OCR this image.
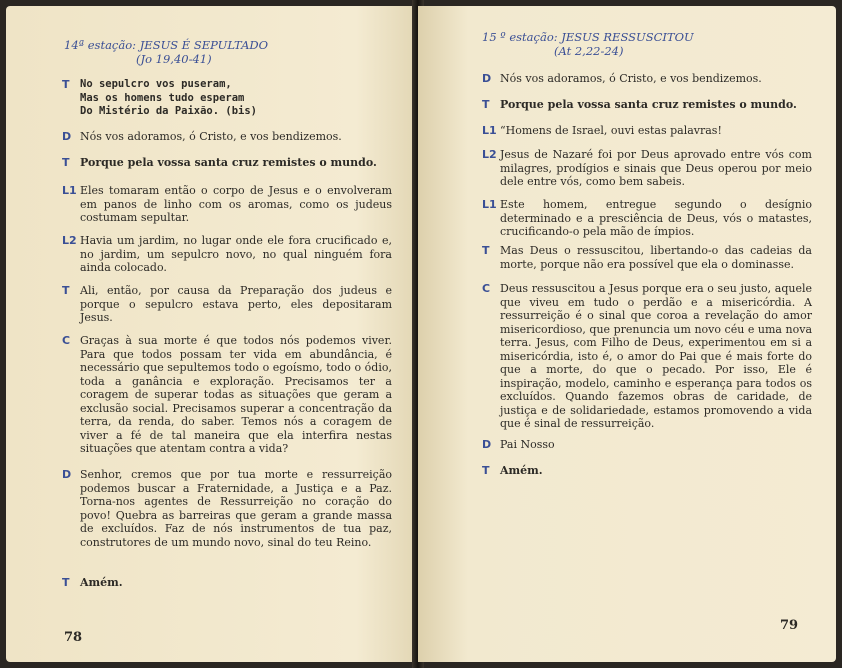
14ª estação: JESUS É SEPULTADO
(Jo 19,40-41)
T No sepulcro vos puseram,
Mas os homens tudo esperam
Do Mistério da Paixão. (bis)
D Nós vos adoramos, ó Cristo, e vos bendizemos.
T Porque pela vossa santa cruz remistes o mundo.
L1 Eles tomaram então o corpo de Jesus e o envolveram em panos de linho com os aromas, como os judeus costumam sepultar.
L2 Havia um jardim, no lugar onde ele fora crucificado e, no jardim, um sepulcro novo, no qual ninguém fora ainda colocado.
T Ali, então, por causa da Preparação dos judeus e porque o sepulcro estava perto, eles depositaram Jesus.
C Graças à sua morte é que todos nós podemos viver. Para que todos possam ter vida em abundância, é necessário que sepultemos todo o egoísmo, todo o ódio, toda a ganância e exploração. Precisamos ter a coragem de superar todas as situações que geram a exclusão social. Precisamos superar a concentração da terra, da renda, do saber. Temos nós a coragem de viver a fé de tal maneira que ela interfira nestas situações que atentam contra a vida?
D Senhor, cremos que por tua morte e ressurreição podemos buscar a Fraternidade, a Justiça e a Paz. Torna-nos agentes de Ressurreição no coração do povo! Quebra as barreiras que geram a grande massa de excluídos. Faz de nós instrumentos de tua paz, construtores de um mundo novo, sinal do teu Reino.
T Amém.
78
15 º estação: JESUS RESSUSCITOU
(At 2,22-24)
D Nós vos adoramos, ó Cristo, e vos bendizemos.
T Porque pela vossa santa cruz remistes o mundo.
L1 “Homens de Israel, ouvi estas palavras!
L2 Jesus de Nazaré foi por Deus aprovado entre vós com milagres, prodígios e sinais que Deus operou por meio dele entre vós, como bem sabeis.
L1 Este homem, entregue segundo o desígnio determinado e a presciência de Deus, vós o matastes, crucificando-o pela mão de ímpios.
T Mas Deus o ressuscitou, libertando-o das cadeias da morte, porque não era possível que ela o dominasse.
C Deus ressuscitou a Jesus porque era o seu justo, aquele que viveu em tudo o perdão e a misericórdia. A ressurreição é o sinal que coroa a revelação do amor misericordioso, que prenuncia um novo céu e uma nova terra. Jesus, com Filho de Deus, experimentou em si a misericórdia, isto é, o amor do Pai que é mais forte do que a morte, do que o pecado. Por isso, Ele é inspiração, modelo, caminho e esperança para todos os excluídos. Quando fazemos obras de caridade, de justiça e de solidariedade, estamos promovendo a vida que é sinal de ressurreição.
D Pai Nosso
T Amém.
79
